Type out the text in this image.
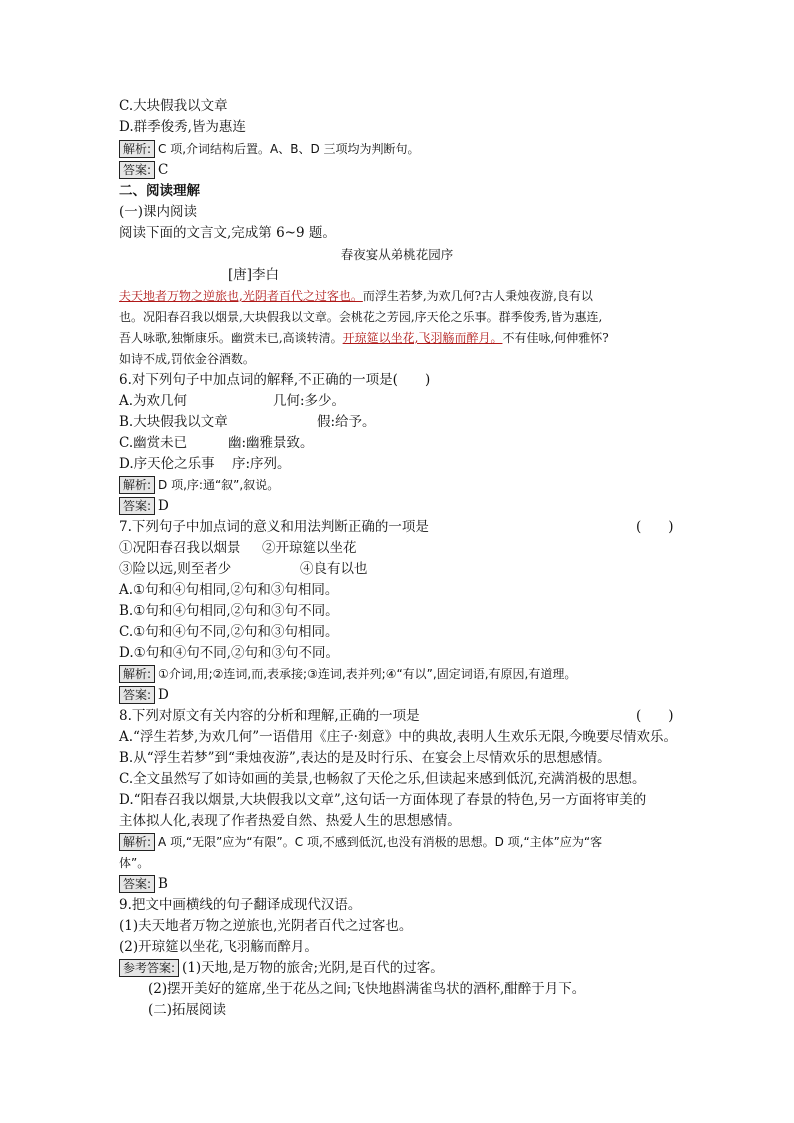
C.大块假我以文章
D.群季俊秀,皆为惠连
解析: C 项,介词结构后置。A、B、D 三项均为判断句。
答案: C
二、阅读理解
(一)课内阅读
阅读下面的文言文,完成第 6~9 题。
春夜宴从弟桃花园序
[唐]李白
夫天地者万物之逆旅也,光阴者百代之过客也。而浮生若梦,为欢几何?古人秉烛夜游,良有以
也。况阳春召我以烟景,大块假我以文章。会桃花之芳园,序天伦之乐事。群季俊秀,皆为惠连,
吾人咏歌,独惭康乐。幽赏未已,高谈转清。开琼筵以坐花,飞羽觞而醉月。不有佳咏,何伸雅怀?
如诗不成,罚依金谷酒数。
6.对下列句子中加点词的解释,不正确的一项是(　　)
A.为欢几何	几何:多少。
B.大块假我以文章	假:给予。
C.幽赏未已	幽:幽雅景致。
D.序天伦之乐事 序:序列。
解析: D 项,序:通“叙”,叙说。
答案: D
7.下列句子中加点词的意义和用法判断正确的一项是	(　　)
①况阳春召我以烟景 ②开琼筵以坐花
③险以远,则至者少	④良有以也
A.①句和④句相同,②句和③句相同。
B.①句和④句相同,②句和③句不同。
C.①句和④句不同,②句和③句相同。
D.①句和④句不同,②句和③句不同。
解析: ①介词,用;②连词,而,表承接;③连词,表并列;④“有以”,固定词语,有原因,有道理。
答案: D
8.下列对原文有关内容的分析和理解,正确的一项是	(　　)
A.“浮生若梦,为欢几何”一语借用《庄子·刻意》中的典故,表明人生欢乐无限,今晚要尽情欢乐。
B.从“浮生若梦”到“秉烛夜游”,表达的是及时行乐、在宴会上尽情欢乐的思想感情。
C.全文虽然写了如诗如画的美景,也畅叙了天伦之乐,但读起来感到低沉,充满消极的思想。
D.“阳春召我以烟景,大块假我以文章”,这句话一方面体现了春景的特色,另一方面将审美的
主体拟人化,表现了作者热爱自然、热爱人生的思想感情。
解析: A 项,“无限”应为“有限”。C 项,不感到低沉,也没有消极的思想。D 项,“主体”应为“客
体”。
答案: B
9.把文中画横线的句子翻译成现代汉语。
(1)夫天地者万物之逆旅也,光阴者百代之过客也。
(2)开琼筵以坐花,飞羽觞而醉月。
参考答案: (1)天地,是万物的旅舍;光阴,是百代的过客。
(2)摆开美好的筵席,坐于花丛之间;飞快地斟满雀鸟状的酒杯,酣醉于月下。
(二)拓展阅读
